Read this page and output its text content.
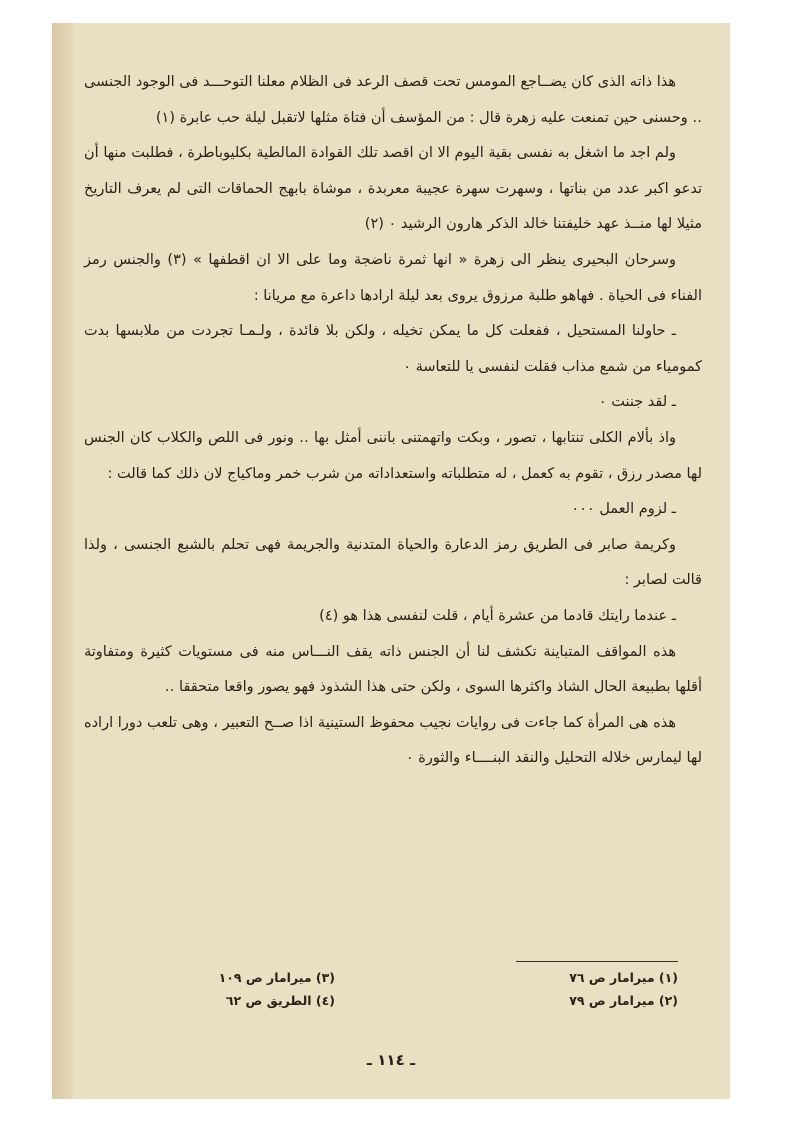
هذا ذاته الذى كان يضــاجع المومس تحت قصف الرعد فى الظلام معلنا التوحـــد فى الوجود الجنسى ‥ وحسنى حين تمنعت عليه زهرة قال : من المؤسف أن فتاة مثلها لاتقبل ليلة حب عابرة (١)

ولم اجد ما اشغل به نفسى بقية اليوم الا ان اقصد تلك القوادة المالطية بكليوباطرة ، فطلبت منها أن تدعو اكبر عدد من بناتها ، وسهرت سهرة عجيبة معربدة ، موشاة بابهج الحماقات التى لم يعرف التاريخ مثيلا لها منــذ عهد خليفتنا خالد الذكر هارون الرشيد ٠ (٢)

وسرحان البحيرى ينظر الى زهرة « انها ثمرة ناضجة وما على الا ان اقطفها » (٣) والجنس رمز الفناء فى الحياة . فهاهو طلبة مرزوق يروى بعد ليلة ارادها داعرة مع مريانا :

ـ حاولنا المستحيل ، ففعلت كل ما يمكن تخيله ، ولكن بلا فائدة ، ولـمـا تجردت من ملابسها بدت كمومياء من شمع مذاب فقلت لنفسى يا للتعاسة ٠

ـ لقد جننت ٠

واذ بألام الكلى تنتابها ، تصور ، وبكت واتهمتنى باننى أمثل بها ‥ ونور فى اللص والكلاب كان الجنس لها مصدر رزق ، تقوم به كعمل ، له متطلباته واستعداداته من شرب خمر وماكياج لان ذلك كما قالت :

ـ لزوم العمل ٠٠٠

وكريمة صابر فى الطريق رمز الدعارة والحياة المتدنية والجريمة فهى تحلم بالشبع الجنسى ، ولذا قالت لصابر :

ـ عندما رايتك قادما من عشرة أيام ، قلت لنفسى هذا هو (٤)

هذه المواقف المتباينة تكشف لنا أن الجنس ذاته يقف النـــاس منه فى مستويات كثيرة ومتفاوتة أقلها بطبيعة الحال الشاذ واكثرها السوى ، ولكن حتى هذا الشذوذ فهو يصور واقعا متحققا ‥

هذه هى المرأة كما جاءت فى روايات نجيب محفوظ الستينية اذا صــح التعبير ، وهى تلعب دورا اراده لها ليمارس خلاله التحليل والنقد البنــــاء والثورة ٠

(١) ميرامار ص ٧٦
(٣) ميرامار ص ١٠٩
(٢) ميرامار ص ٧٩
(٤) الطريق ص ٦٢
ـ ١١٤ ـ
